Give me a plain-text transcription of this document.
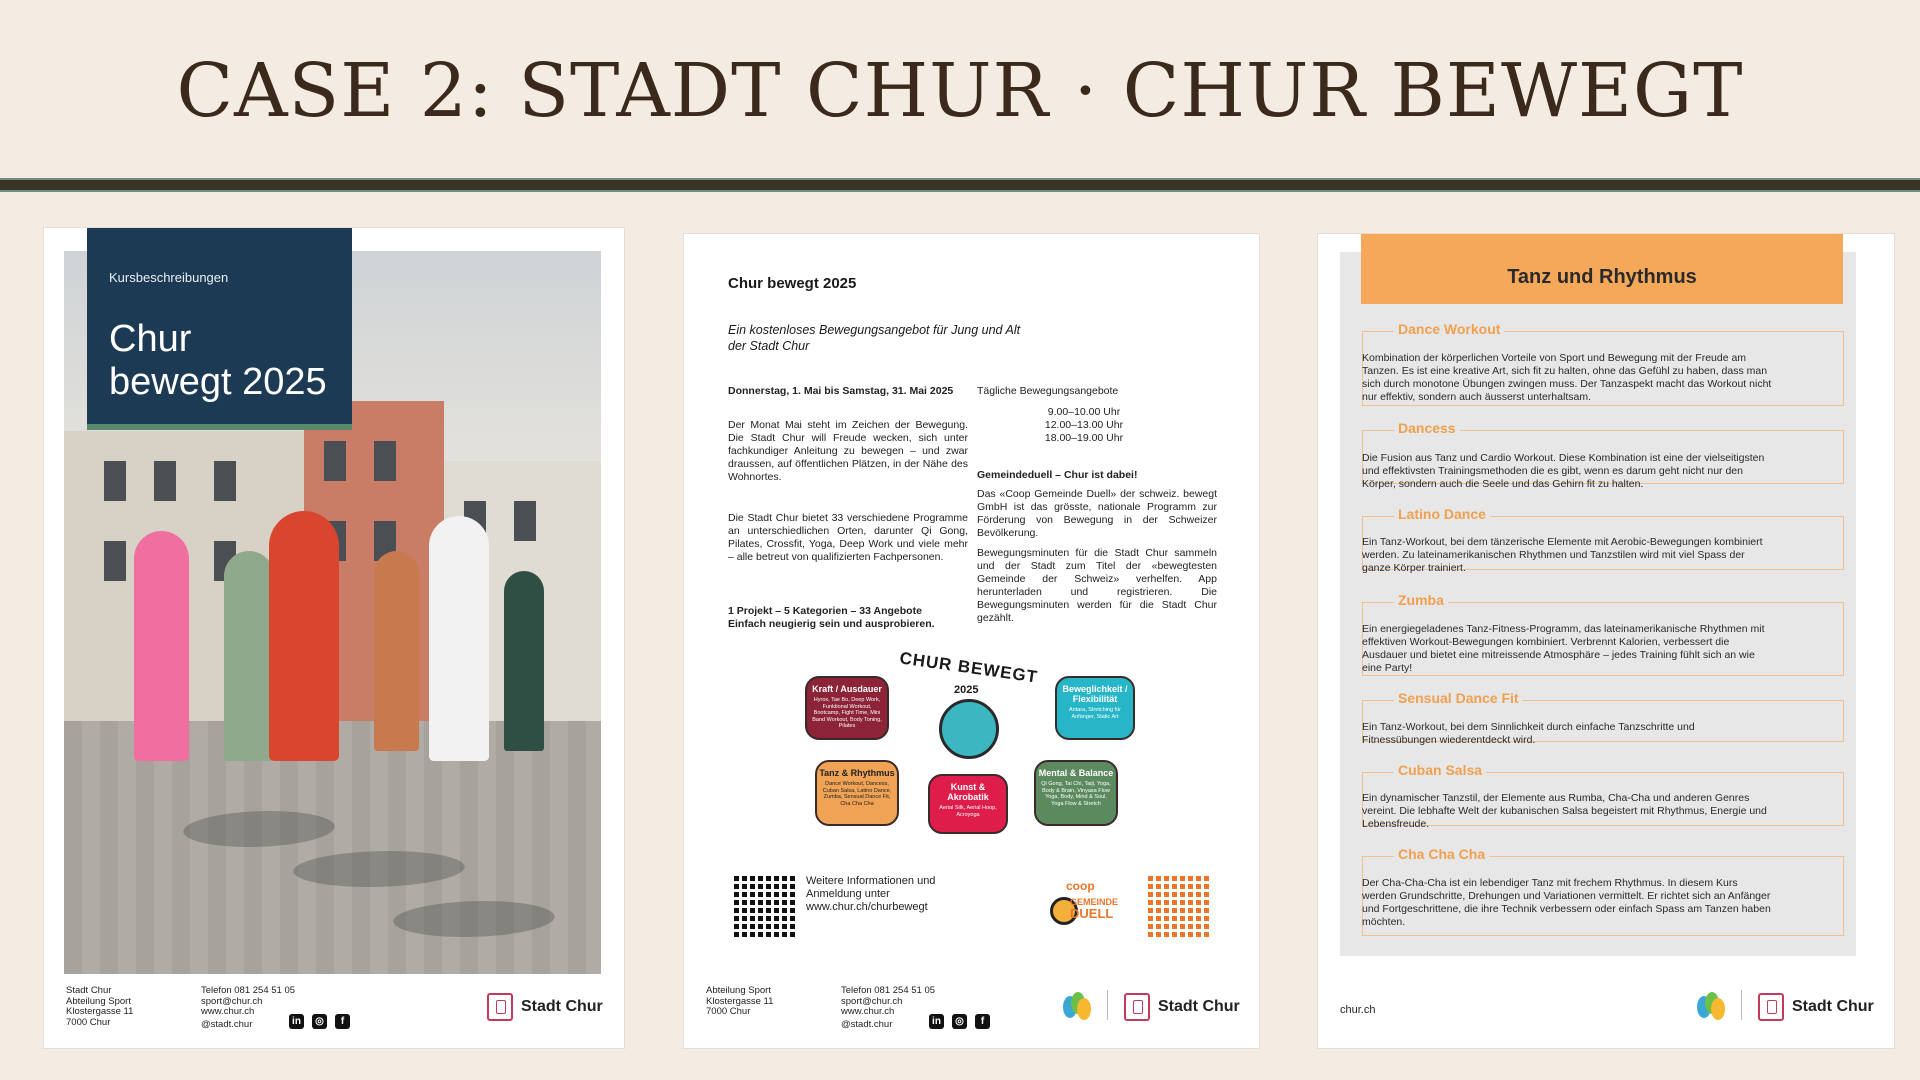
CASE 2: STADT CHUR · CHUR BEWEGT
Kursbeschreibungen
Chur
bewegt 2025
Stadt Chur
Abteilung Sport
Klostergasse 11
7000 Chur
Telefon 081 254 51 05
sport@chur.ch
www.chur.ch
@stadt.chur	in	◎	f
Stadt Chur
Chur bewegt 2025
Ein kostenloses Bewegungsangebot für Jung und Alt der Stadt Chur
Donnerstag, 1. Mai bis Samstag, 31. Mai 2025
Der Monat Mai steht im Zeichen der Bewegung. Die Stadt Chur will Freude wecken, sich unter fachkundiger Anleitung zu bewegen – und zwar draussen, auf öffentlichen Plätzen, in der Nähe des Wohnortes.
Die Stadt Chur bietet 33 verschiedene Programme an unterschiedlichen Orten, darunter Qi Gong, Pilates, Crossfit, Yoga, Deep Work und viele mehr – alle betreut von qualifizierten Fachpersonen.
1 Projekt – 5 Kategorien – 33 Angebote
Einfach neugierig sein und ausprobieren.
Tägliche Bewegungsangebote
9.00–10.00 Uhr
12.00–13.00 Uhr
18.00–19.00 Uhr
Gemeindeduell – Chur ist dabei!
Das «Coop Gemeinde Duell» der schweiz. bewegt GmbH ist das grösste, nationale Programm zur Förderung von Bewegung in der Schweizer Bevölkerung.
Bewegungsminuten für die Stadt Chur sammeln und der Stadt zum Titel der «bewegtesten Gemeinde der Schweiz» verhelfen. App herunterladen und registrieren. Die Bewegungsminuten werden für die Stadt Chur gezählt.
CHUR BEWEGT
2025
Kraft / Ausdauer
Hyrox, Tae Bo, Deep Work, Funktional Workout, Bootcamp, Fight Time, Mini Band Workout, Body Toning, Pilates
Beweglichkeit / Flexibilität
Antara, Stretching für Anfänger, Static Art
Tanz & Rhythmus
Dance Workout, Dancess, Cuban Salsa, Latino Dance, Zumba, Sensual Dance Fit, Cha Cha Cha
Kunst & Akrobatik
Aerial Silk, Aerial Hoop, Acroyoga
Mental & Balance
Qi Gong, Tai Chi, Taiji, Yoga, Body & Brain, Vinyasa Flow Yoga, Body, Mind & Soul, Yoga Flow & Stretch
Weitere Informationen und
Anmeldung unter
www.chur.ch/churbewegt
coop
GEMEINDE
DUELL
Abteilung Sport
Klostergasse 11
7000 Chur
Telefon 081 254 51 05
sport@chur.ch
www.chur.ch
@stadt.chur	in	◎	f
Stadt Chur
Tanz und Rhythmus
Dance Workout
Kombination der körperlichen Vorteile von Sport und Bewegung mit der Freude am Tanzen. Es ist eine kreative Art, sich fit zu halten, ohne das Gefühl zu haben, dass man sich durch monotone Übungen zwingen muss. Der Tanzaspekt macht das Workout nicht nur effektiv, sondern auch äusserst unterhaltsam.
Dancess
Die Fusion aus Tanz und Cardio Workout. Diese Kombination ist eine der vielseitigsten und effektivsten Trainingsmethoden die es gibt, wenn es darum geht nicht nur den Körper, sondern auch die Seele und das Gehirn fit zu halten.
Latino Dance
Ein Tanz-Workout, bei dem tänzerische Elemente mit Aerobic-Bewegungen kombiniert werden. Zu lateinamerikanischen Rhythmen und Tanzstilen wird mit viel Spass der ganze Körper trainiert.
Zumba
Ein energiegeladenes Tanz-Fitness-Programm, das lateinamerikanische Rhythmen mit effektiven Workout-Bewegungen kombiniert. Verbrennt Kalorien, verbessert die Ausdauer und bietet eine mitreissende Atmosphäre – jedes Training fühlt sich an wie eine Party!
Sensual Dance Fit
Ein Tanz-Workout, bei dem Sinnlichkeit durch einfache Tanzschritte und Fitnessübungen wiederentdeckt wird.
Cuban Salsa
Ein dynamischer Tanzstil, der Elemente aus Rumba, Cha-Cha und anderen Genres vereint. Die lebhafte Welt der kubanischen Salsa begeistert mit Rhythmus, Energie und Lebensfreude.
Cha Cha Cha
Der Cha-Cha-Cha ist ein lebendiger Tanz mit frechem Rhythmus. In diesem Kurs werden Grundschritte, Drehungen und Variationen vermittelt. Er richtet sich an Anfänger und Fortgeschrittene, die ihre Technik verbessern oder einfach Spass am Tanzen haben möchten.
chur.ch	Stadt Chur
